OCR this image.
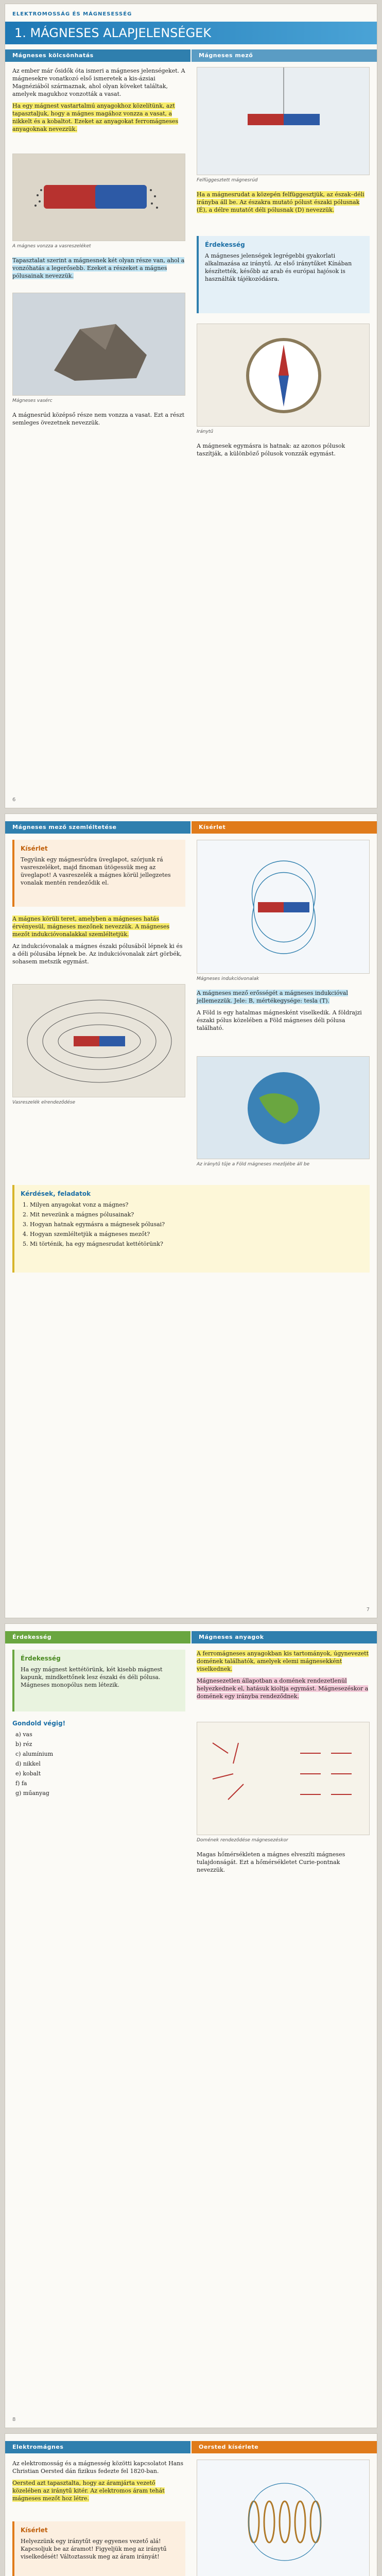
ELEKTROMOSSÁG ÉS MÁGNESESSÉG
1. MÁGNESES ALAPJELENSÉGEK
Mágneses kölcsönhatás	Mágneses mező

Az ember már ősidők óta ismeri a mágneses jelenségeket. A mágnesekre vonatkozó első ismeretek a kis-ázsiai Magnéziából származnak, ahol olyan köveket találtak, amelyek magukhoz vonzották a vasat.

Ha egy mágnest vastartalmú anyagokhoz közelítünk, azt tapasztaljuk, hogy a mágnes magához vonzza a vasat, a nikkelt és a kobaltot. Ezeket az anyagokat ferromágneses anyagoknak nevezzük.

A mágnes vonzza a vasreszeléket

Tapasztalat szerint a mágnesnek két olyan része van, ahol a vonzóhatás a legerősebb. Ezeket a részeket a mágnes pólusainak nevezzük.

Mágneses vasérc

A mágnesrúd középső része nem vonzza a vasat. Ezt a részt semleges övezetnek nevezzük.

Felfüggesztett mágnesrúd

Ha a mágnesrudat a közepén felfüggesztjük, az észak–déli irányba áll be. Az északra mutató pólust északi pólusnak (É), a délre mutatót déli pólusnak (D) nevezzük.

Érdekesség
A mágneses jelenségek legrégebbi gyakorlati alkalmazása az iránytű. Az első iránytűket Kínában készítették, később az arab és európai hajósok is használták tájékozódásra.
Iránytű

A mágnesek egymásra is hatnak: az azonos pólusok taszítják, a különböző pólusok vonzzák egymást.

6
Mágneses mező szemléltetése	Kísérlet
Kísérlet
Tegyünk egy mágnesrúdra üveglapot, szórjunk rá vasreszeléket, majd finoman ütögessük meg az üveglapot! A vasreszelék a mágnes körül jellegzetes vonalak mentén rendeződik el.

A mágnes körüli teret, amelyben a mágneses hatás érvényesül, mágneses mezőnek nevezzük. A mágneses mezőt indukcióvonalakkal szemléltetjük.

Az indukcióvonalak a mágnes északi pólusából lépnek ki és a déli pólusába lépnek be. Az indukcióvonalak zárt görbék, sohasem metszik egymást.

Vasreszelék elrendeződése
Mágneses indukcióvonalak

A mágneses mező erősségét a mágneses indukcióval jellemezzük. Jele: B, mértékegysége: tesla (T).

A Föld is egy hatalmas mágnesként viselkedik. A földrajzi északi pólus közelében a Föld mágneses déli pólusa található.

Az iránytű tűje a Föld mágneses mezőjébe áll be
Kérdések, feladatok
1. Milyen anyagokat vonz a mágnes?
2. Mit nevezünk a mágnes pólusainak?
3. Hogyan hatnak egymásra a mágnesek pólusai?
4. Hogyan szemléltetjük a mágneses mezőt?
5. Mi történik, ha egy mágnesrudat kettétörünk?
7
Érdekesség	Mágneses anyagok
Érdekesség
Ha egy mágnest kettétörünk, két kisebb mágnest kapunk, mindkettőnek lesz északi és déli pólusa. Mágneses monopólus nem létezik.
Gondold végig!
a) vas
b) réz
c) alumínium
d) nikkel
e) kobalt
f) fa
g) műanyag

A ferromágneses anyagokban kis tartományok, úgynevezett domének találhatók, amelyek elemi mágnesekként viselkednek.

Mágnesezetlen állapotban a domének rendezetlenül helyezkednek el, hatásuk kioltja egymást. Mágnesezéskor a domének egy irányba rendeződnek.

Domének rendeződése mágnesezéskor

Magas hőmérsékleten a mágnes elveszíti mágneses tulajdonságát. Ezt a hőmérsékletet Curie-pontnak nevezzük.

8
Elektromágnes	Oersted kísérlete

Az elektromosság és a mágnesség közötti kapcsolatot Hans Christian Oersted dán fizikus fedezte fel 1820-ban.

Oersted azt tapasztalta, hogy az áramjárta vezető közelében az iránytű kitér. Az elektromos áram tehát mágneses mezőt hoz létre.

Kísérlet
Helyezzünk egy iránytűt egy egyenes vezető alá! Kapcsoljuk be az áramot! Figyeljük meg az iránytű viselkedését! Változtassuk meg az áram irányát!
